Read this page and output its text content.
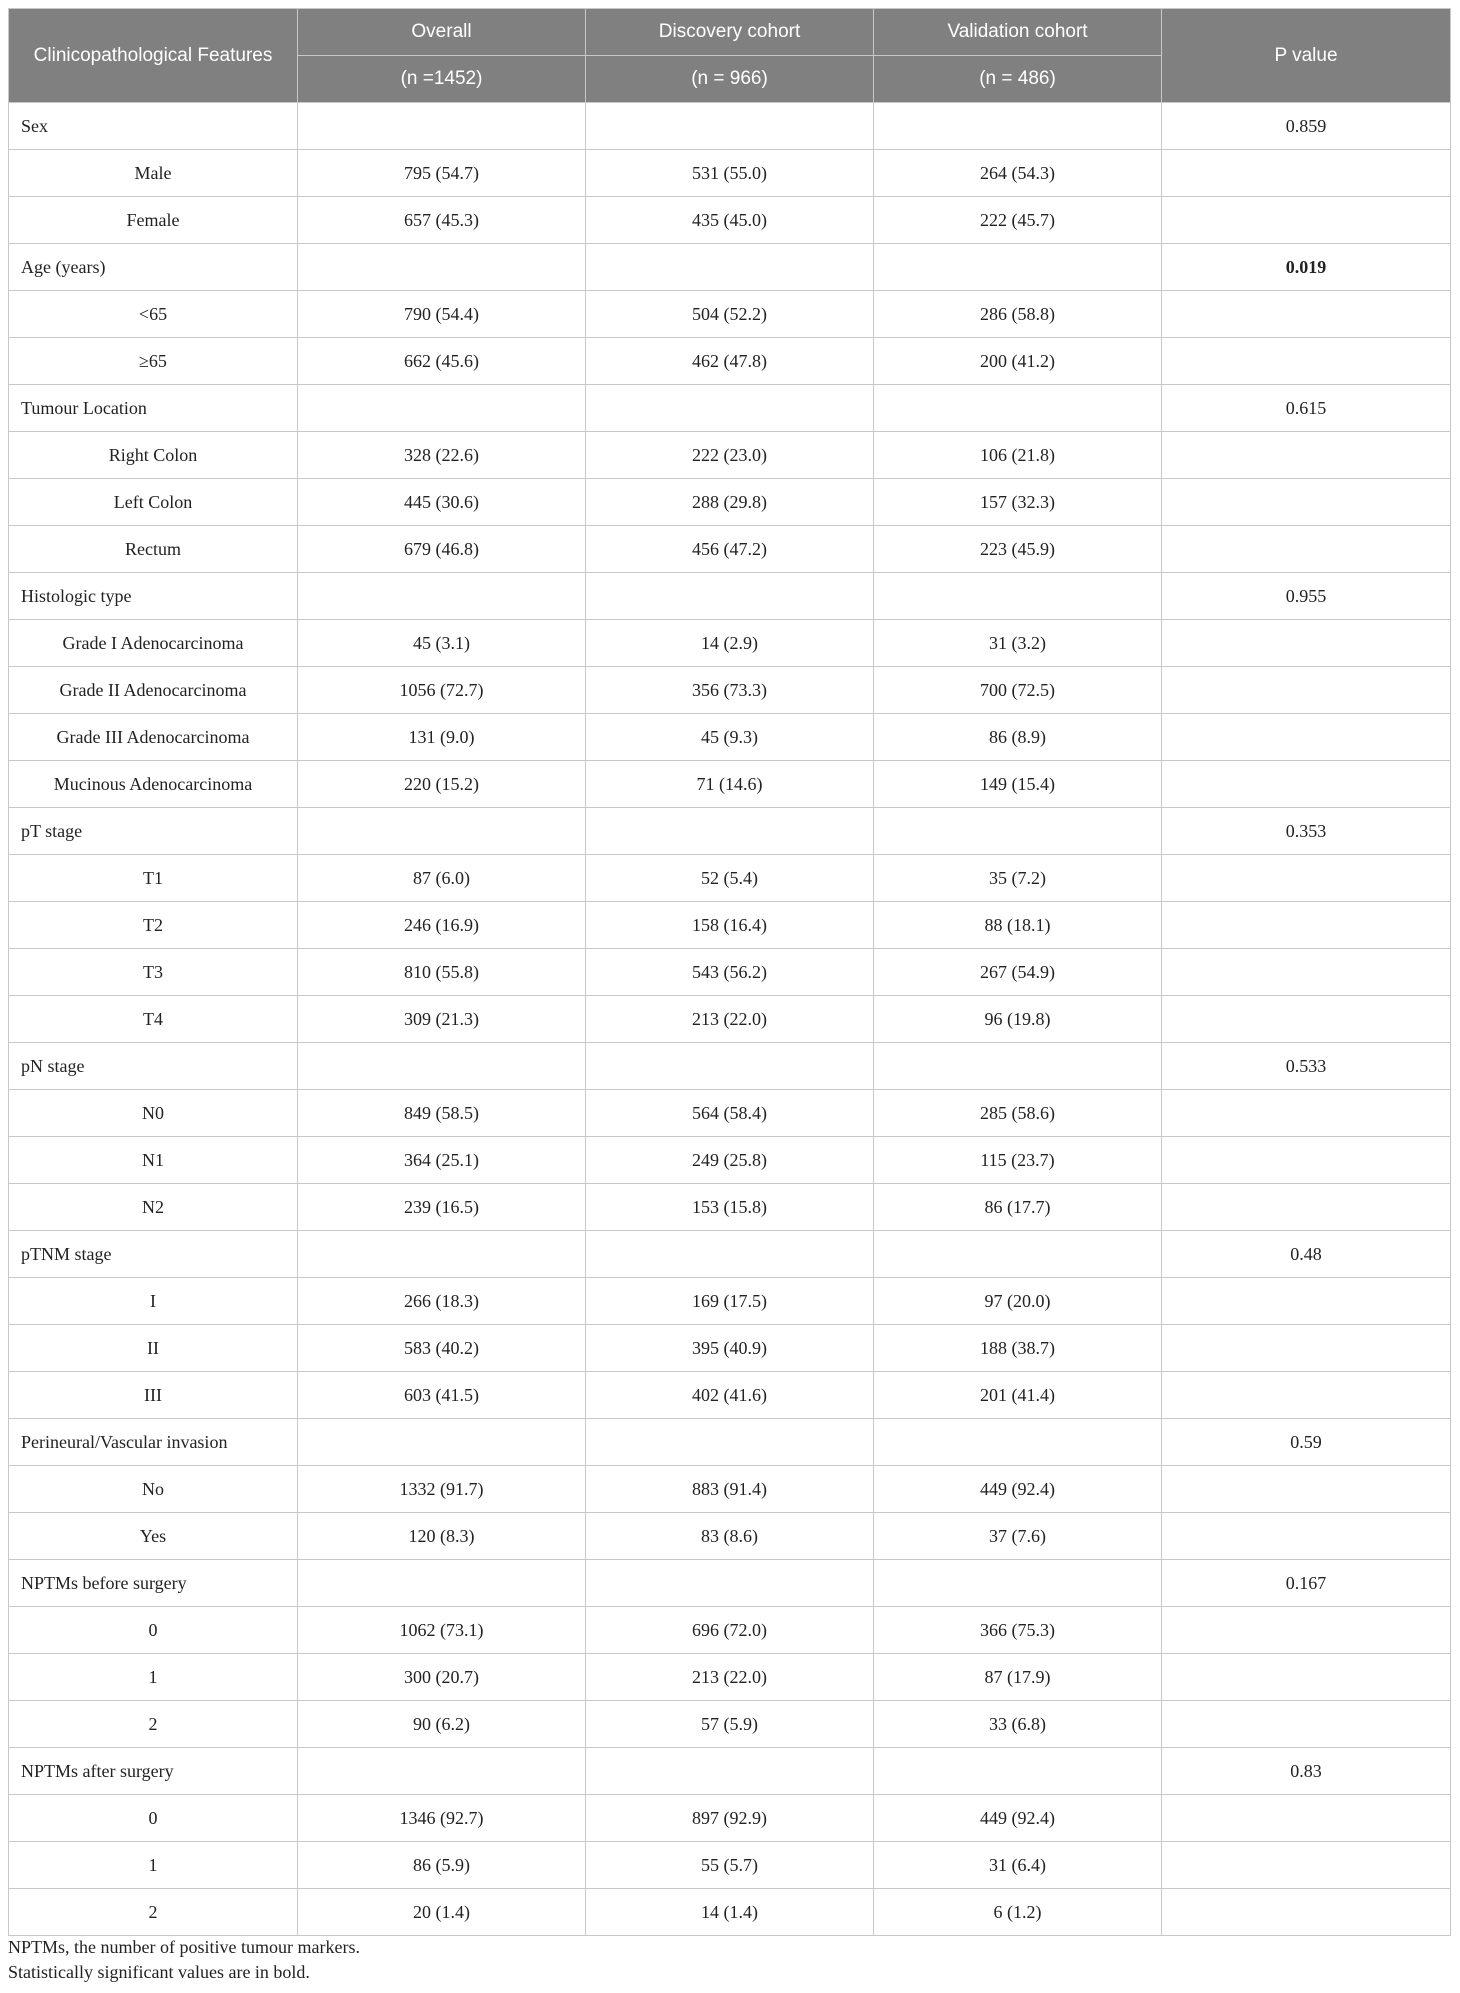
Clinicopathological Features	Overall	Discovery cohort	Validation cohort	P value
	(n =1452)	(n = 966)	(n = 486)	
Sex				0.859
Male	795 (54.7)	531 (55.0)	264 (54.3)	
Female	657 (45.3)	435 (45.0)	222 (45.7)	
Age (years)				0.019
<65	790 (54.4)	504 (52.2)	286 (58.8)	
≥65	662 (45.6)	462 (47.8)	200 (41.2)	
Tumour Location				0.615
Right Colon	328 (22.6)	222 (23.0)	106 (21.8)	
Left Colon	445 (30.6)	288 (29.8)	157 (32.3)	
Rectum	679 (46.8)	456 (47.2)	223 (45.9)	
Histologic type				0.955
Grade I Adenocarcinoma	45 (3.1)	14 (2.9)	31 (3.2)	
Grade II Adenocarcinoma	1056 (72.7)	356 (73.3)	700 (72.5)	
Grade III Adenocarcinoma	131 (9.0)	45 (9.3)	86 (8.9)	
Mucinous Adenocarcinoma	220 (15.2)	71 (14.6)	149 (15.4)	
pT stage				0.353
T1	87 (6.0)	52 (5.4)	35 (7.2)	
T2	246 (16.9)	158 (16.4)	88 (18.1)	
T3	810 (55.8)	543 (56.2)	267 (54.9)	
T4	309 (21.3)	213 (22.0)	96 (19.8)	
pN stage				0.533
N0	849 (58.5)	564 (58.4)	285 (58.6)	
N1	364 (25.1)	249 (25.8)	115 (23.7)	
N2	239 (16.5)	153 (15.8)	86 (17.7)	
pTNM stage				0.48
I	266 (18.3)	169 (17.5)	97 (20.0)	
II	583 (40.2)	395 (40.9)	188 (38.7)	
III	603 (41.5)	402 (41.6)	201 (41.4)	
Perineural/Vascular invasion				0.59
No	1332 (91.7)	883 (91.4)	449 (92.4)	
Yes	120 (8.3)	83 (8.6)	37 (7.6)	
NPTMs before surgery				0.167
0	1062 (73.1)	696 (72.0)	366 (75.3)	
1	300 (20.7)	213 (22.0)	87 (17.9)	
2	90 (6.2)	57 (5.9)	33 (6.8)	
NPTMs after surgery				0.83
0	1346 (92.7)	897 (92.9)	449 (92.4)	
1	86 (5.9)	55 (5.7)	31 (6.4)	
2	20 (1.4)	14 (1.4)	6 (1.2)	
NPTMs, the number of positive tumour markers.
Statistically significant values are in bold.
